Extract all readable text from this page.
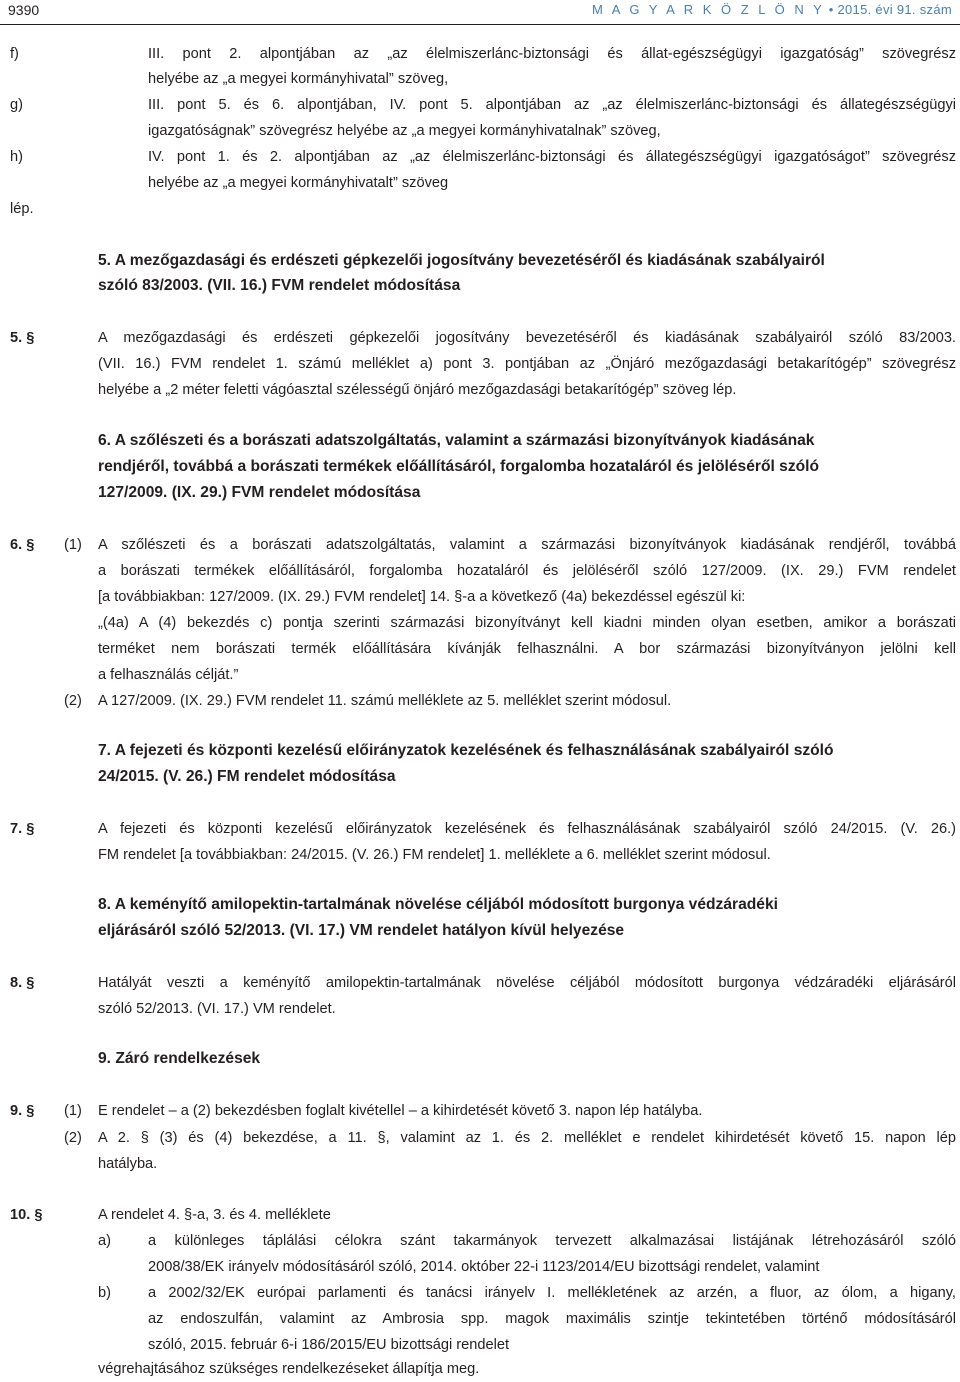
9390	M A G Y A R K Ö Z L Ö N Y • 2015. évi 91. szám
f)	III. pont 2. alpontjában az „az élelmiszerlánc-biztonsági és állat-egészségügyi igazgatóság” szövegrész
helyébe az „a megyei kormányhivatal” szöveg,
g)	III. pont 5. és 6. alpontjában, IV. pont 5. alpontjában az „az élelmiszerlánc-biztonsági és állategészségügyi
igazgatóságnak” szövegrész helyébe az „a megyei kormányhivatalnak” szöveg,
h)	IV. pont 1. és 2. alpontjában az „az élelmiszerlánc-biztonsági és állategészségügyi igazgatóságot” szövegrész
helyébe az „a megyei kormányhivatalt” szöveg
lép.
5. A mezőgazdasági és erdészeti gépkezelői jogosítvány bevezetéséről és kiadásának szabályairól
szóló 83/2003. (VII. 16.) FVM rendelet módosítása
5. §	A mezőgazdasági és erdészeti gépkezelői jogosítvány bevezetéséről és kiadásának szabályairól szóló 83/2003.
(VII. 16.) FVM rendelet 1. számú melléklet a) pont 3. pontjában az „Önjáró mezőgazdasági betakarítógép” szövegrész
helyébe a „2 méter feletti vágóasztal szélességű önjáró mezőgazdasági betakarítógép” szöveg lép.
6. A szőlészeti és a borászati adatszolgáltatás, valamint a származási bizonyítványok kiadásának
rendjéről, továbbá a borászati termékek előállításáról, forgalomba hozataláról és jelöléséről szóló
127/2009. (IX. 29.) FVM rendelet módosítása
6. § (1) A szőlészeti és a borászati adatszolgáltatás, valamint a származási bizonyítványok kiadásának rendjéről, továbbá
a borászati termékek előállításáról, forgalomba hozataláról és jelöléséről szóló 127/2009. (IX. 29.) FVM rendelet
[a továbbiakban: 127/2009. (IX. 29.) FVM rendelet] 14. §-a a következő (4a) bekezdéssel egészül ki:
„(4a) A (4) bekezdés c) pontja szerinti származási bizonyítványt kell kiadni minden olyan esetben, amikor a borászati
terméket nem borászati termék előállítására kívánják felhasználni. A bor származási bizonyítványon jelölni kell
a felhasználás célját.”
(2) A 127/2009. (IX. 29.) FVM rendelet 11. számú melléklete az 5. melléklet szerint módosul.
7. A fejezeti és központi kezelésű előirányzatok kezelésének és felhasználásának szabályairól szóló
24/2015. (V. 26.) FM rendelet módosítása
7. §	A fejezeti és központi kezelésű előirányzatok kezelésének és felhasználásának szabályairól szóló 24/2015. (V. 26.)
FM rendelet [a továbbiakban: 24/2015. (V. 26.) FM rendelet] 1. melléklete a 6. melléklet szerint módosul.
8. A keményítő amilopektin-tartalmának növelése céljából módosított burgonya védzáradéki
eljárásáról szóló 52/2013. (VI. 17.) VM rendelet hatályon kívül helyezése
8. §	Hatályát veszti a keményítő amilopektin-tartalmának növelése céljából módosított burgonya védzáradéki eljárásáról
szóló 52/2013. (VI. 17.) VM rendelet.
9. Záró rendelkezések
9. § (1) E rendelet – a (2) bekezdésben foglalt kivétellel – a kihirdetését követő 3. napon lép hatályba.
(2) A 2. § (3) és (4) bekezdése, a 11. §, valamint az 1. és 2. melléklet e rendelet kihirdetését követő 15. napon lép
hatályba.
10. §	A rendelet 4. §-a, 3. és 4. melléklete
a)	a különleges táplálási célokra szánt takarmányok tervezett alkalmazásai listájának létrehozásáról szóló
2008/38/EK irányelv módosításáról szóló, 2014. október 22-i 1123/2014/EU bizottsági rendelet, valamint
b)	a 2002/32/EK európai parlamenti és tanácsi irányelv I. mellékletének az arzén, a fluor, az ólom, a higany,
az endoszulfán, valamint az Ambrosia spp. magok maximális szintje tekintetében történő módosításáról
szóló, 2015. február 6-i 186/2015/EU bizottsági rendelet
végrehajtásához szükséges rendelkezéseket állapítja meg.
